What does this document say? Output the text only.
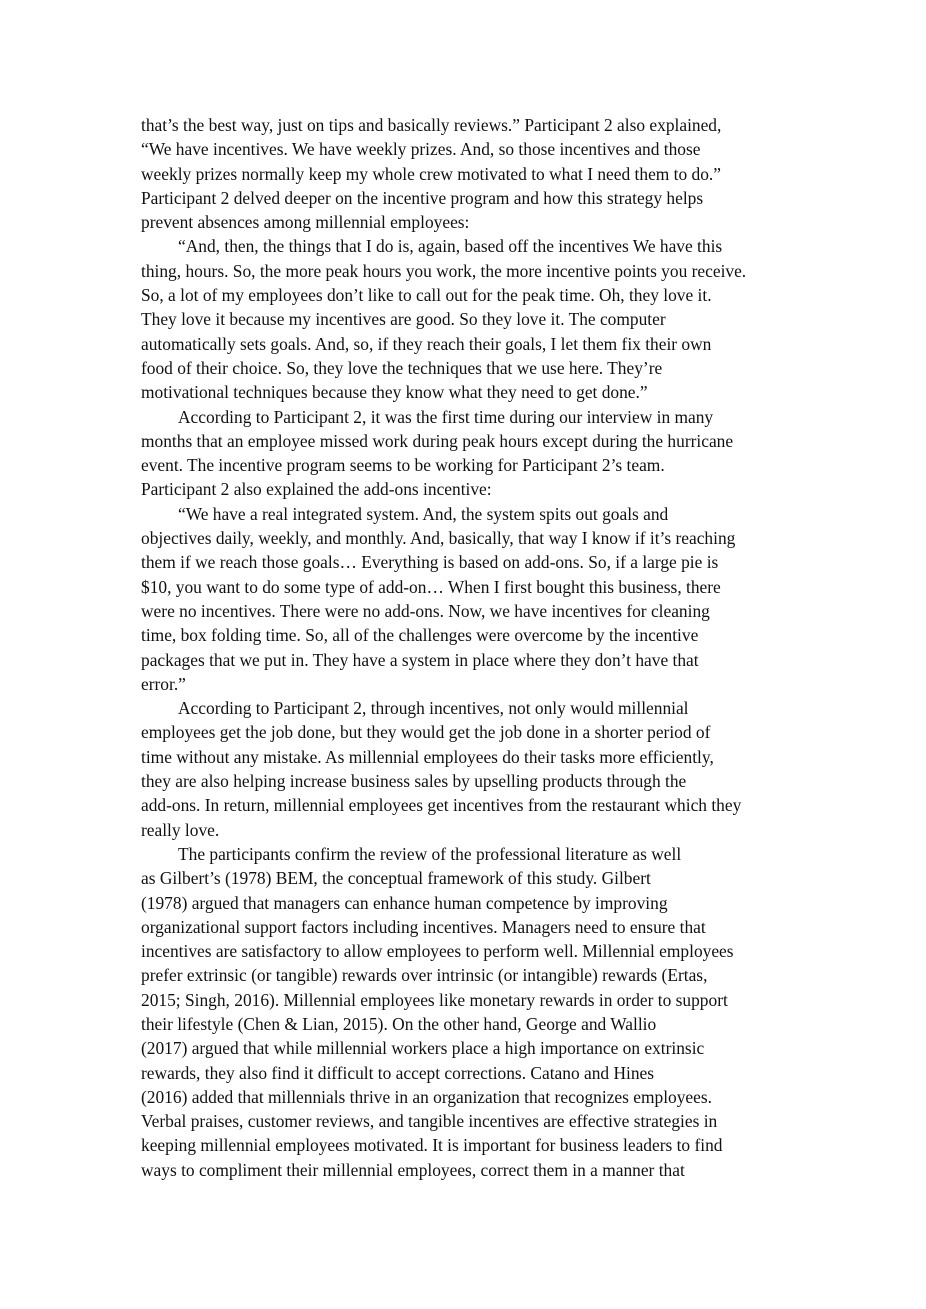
that’s the best way, just on tips and basically reviews.” Participant 2 also explained,
“We have incentives. We have weekly prizes. And, so those incentives and those
weekly prizes normally keep my whole crew motivated to what I need them to do.”
Participant 2 delved deeper on the incentive program and how this strategy helps
prevent absences among millennial employees:
“And, then, the things that I do is, again, based off the incentives We have this
thing, hours. So, the more peak hours you work, the more incentive points you receive.
So, a lot of my employees don’t like to call out for the peak time. Oh, they love it.
They love it because my incentives are good. So they love it. The computer
automatically sets goals. And, so, if they reach their goals, I let them fix their own
food of their choice. So, they love the techniques that we use here. They’re
motivational techniques because they know what they need to get done.”
According to Participant 2, it was the first time during our interview in many
months that an employee missed work during peak hours except during the hurricane
event. The incentive program seems to be working for Participant 2’s team.
Participant 2 also explained the add-ons incentive:
“We have a real integrated system. And, the system spits out goals and
objectives daily, weekly, and monthly. And, basically, that way I know if it’s reaching
them if we reach those goals… Everything is based on add-ons. So, if a large pie is
$10, you want to do some type of add-on… When I first bought this business, there
were no incentives. There were no add-ons. Now, we have incentives for cleaning
time, box folding time. So, all of the challenges were overcome by the incentive
packages that we put in. They have a system in place where they don’t have that
error.”
According to Participant 2, through incentives, not only would millennial
employees get the job done, but they would get the job done in a shorter period of
time without any mistake. As millennial employees do their tasks more efficiently,
they are also helping increase business sales by upselling products through the
add-ons. In return, millennial employees get incentives from the restaurant which they
really love.
The participants confirm the review of the professional literature as well
as Gilbert’s (1978) BEM, the conceptual framework of this study. Gilbert
(1978) argued that managers can enhance human competence by improving
organizational support factors including incentives. Managers need to ensure that
incentives are satisfactory to allow employees to perform well. Millennial employees
prefer extrinsic (or tangible) rewards over intrinsic (or intangible) rewards (Ertas,
2015; Singh, 2016). Millennial employees like monetary rewards in order to support
their lifestyle (Chen & Lian, 2015). On the other hand, George and Wallio
(2017) argued that while millennial workers place a high importance on extrinsic
rewards, they also find it difficult to accept corrections. Catano and Hines
(2016) added that millennials thrive in an organization that recognizes employees.
Verbal praises, customer reviews, and tangible incentives are effective strategies in
keeping millennial employees motivated. It is important for business leaders to find
ways to compliment their millennial employees, correct them in a manner that
